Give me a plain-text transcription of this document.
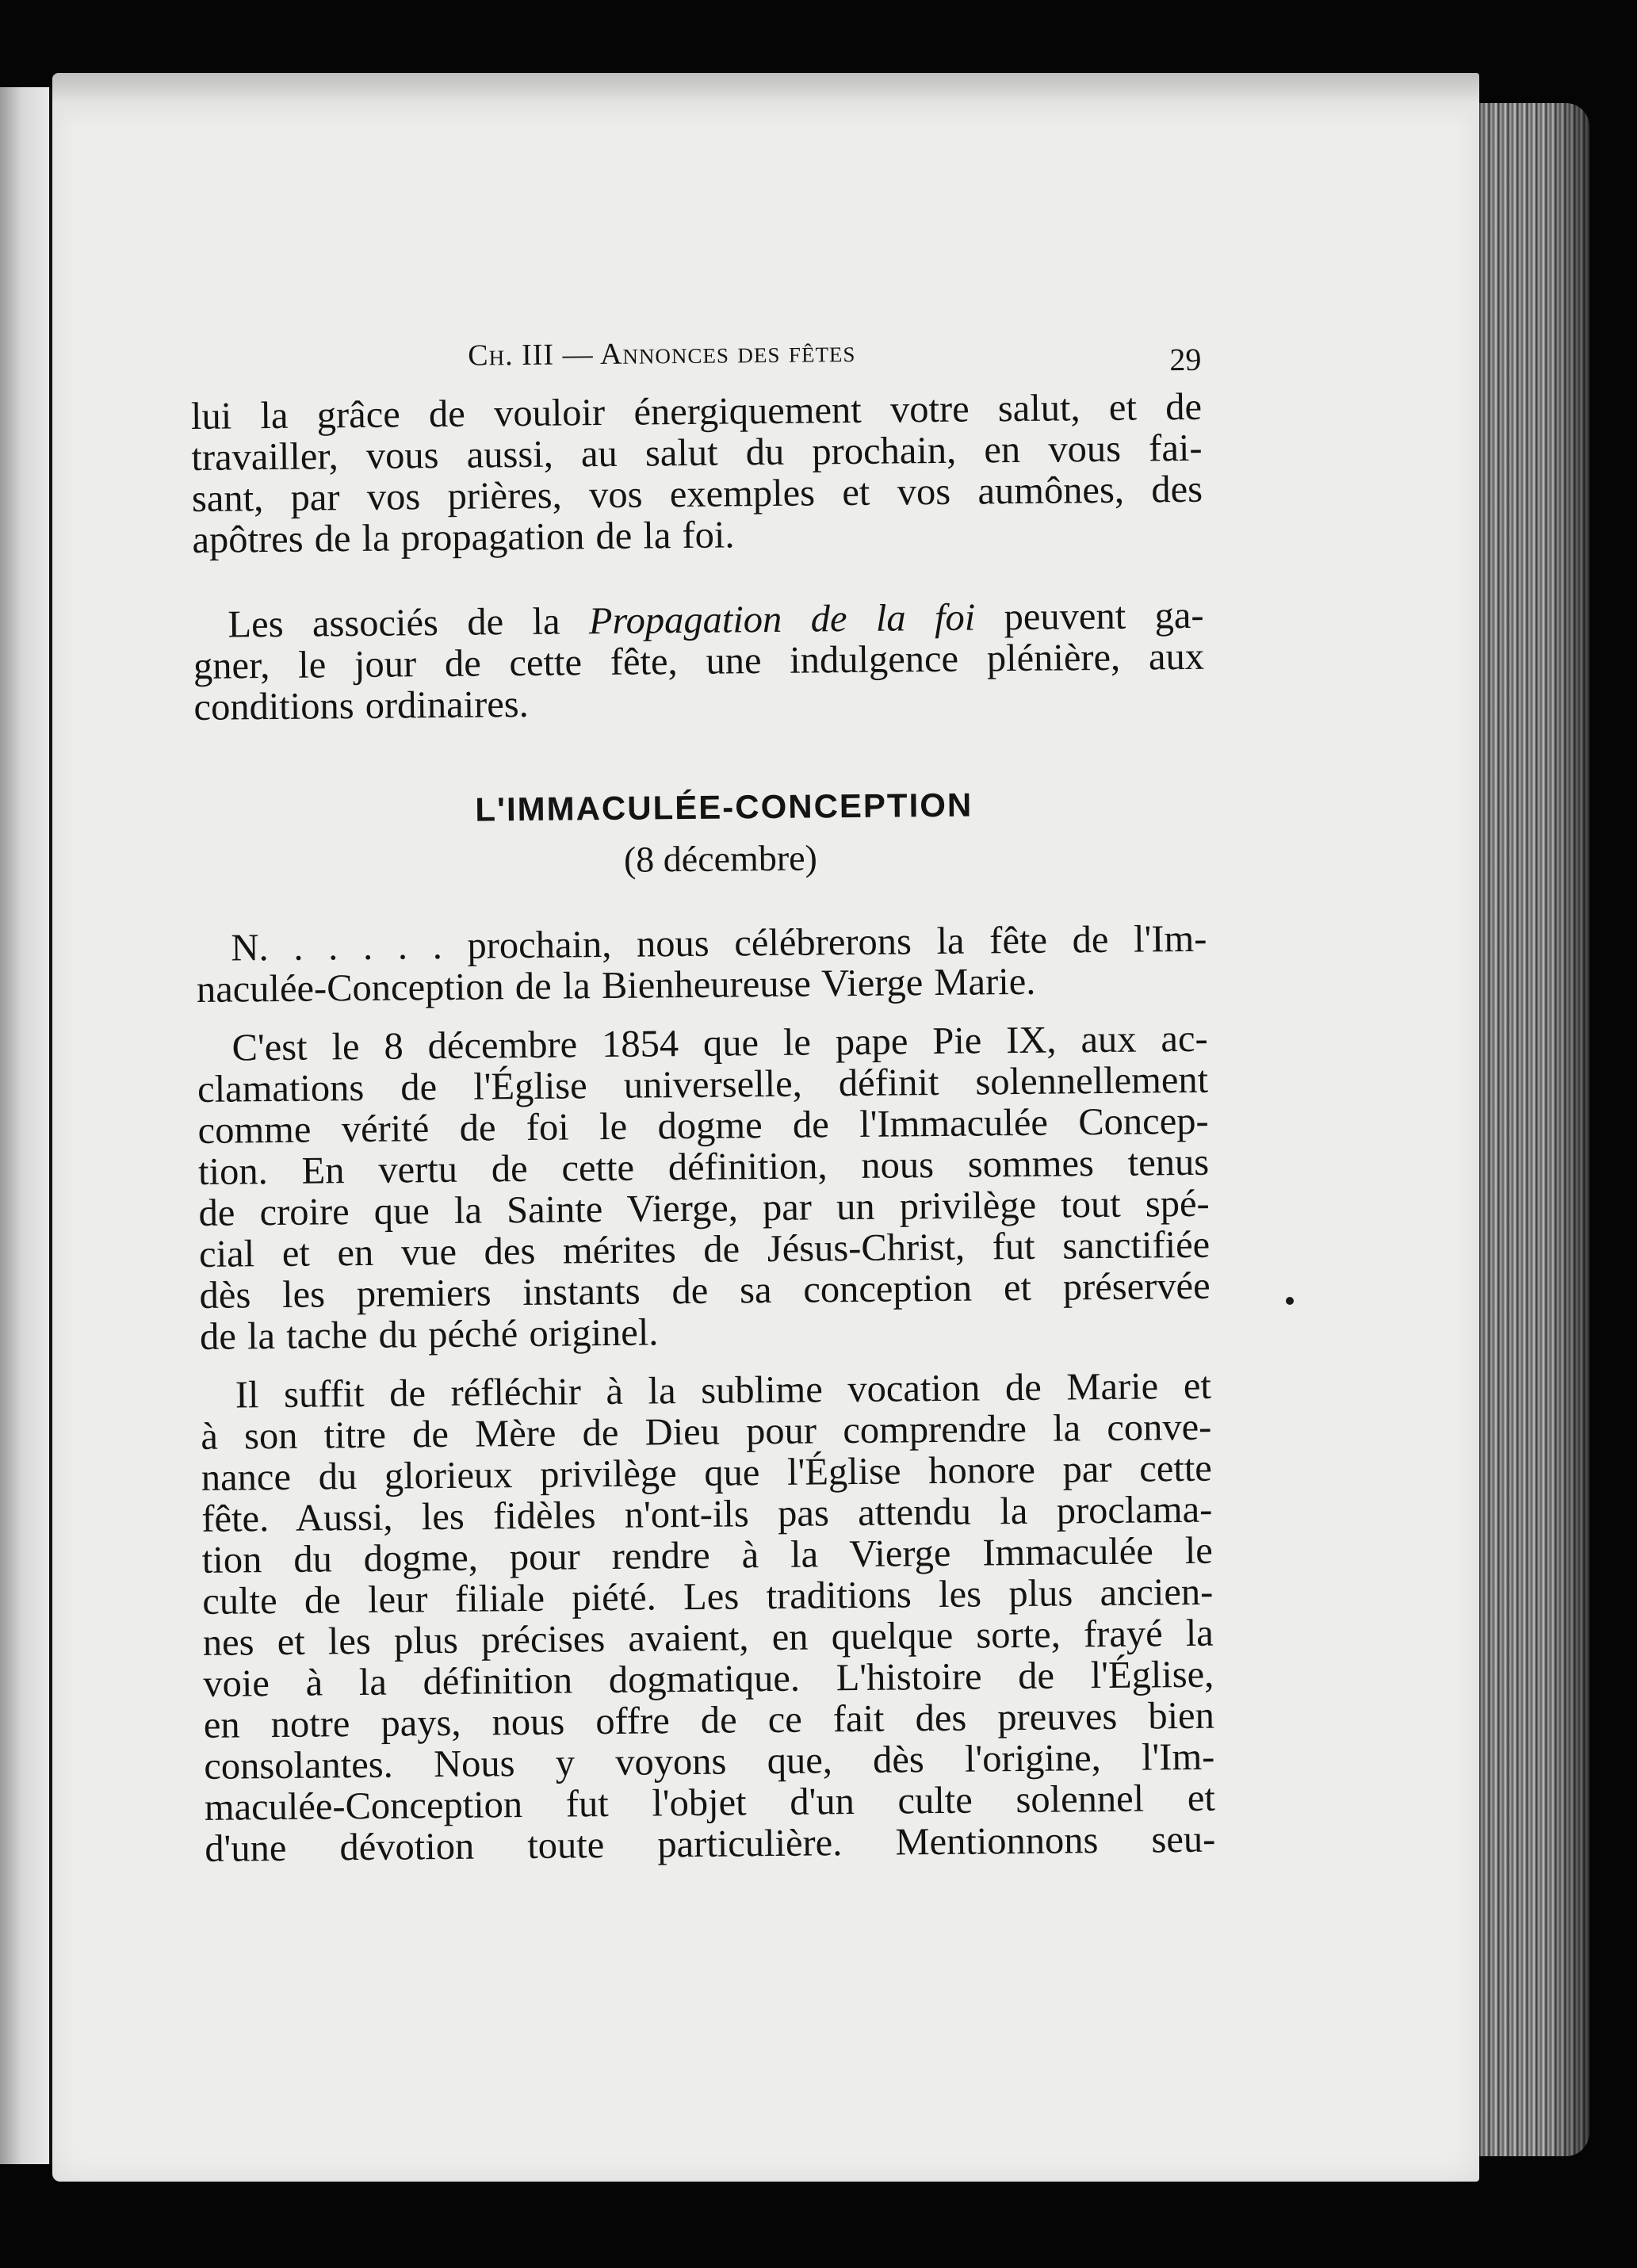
Ch. III — Annonces des fêtes	29

lui la grâce de vouloir énergiquement votre salut, et de
travailler, vous aussi, au salut du prochain, en vous fai-
sant, par vos prières, vos exemples et vos aumônes, des
apôtres de la propagation de la foi.

Les associés de la Propagation de la foi peuvent ga-
gner, le jour de cette fête, une indulgence plénière, aux
conditions ordinaires.

L'IMMACULÉE-CONCEPTION

(8 décembre)

N. . . . . . prochain, nous célébrerons la fête de l'Im-
naculée-Conception de la Bienheureuse Vierge Marie.

C'est le 8 décembre 1854 que le pape Pie IX, aux ac-
clamations de l'Église universelle, définit solennellement
comme vérité de foi le dogme de l'Immaculée Concep-
tion. En vertu de cette définition, nous sommes tenus
de croire que la Sainte Vierge, par un privilège tout spé-
cial et en vue des mérites de Jésus-Christ, fut sanctifiée
dès les premiers instants de sa conception et préservée
de la tache du péché originel.

Il suffit de réfléchir à la sublime vocation de Marie et
à son titre de Mère de Dieu pour comprendre la conve-
nance du glorieux privilège que l'Église honore par cette
fête. Aussi, les fidèles n'ont-ils pas attendu la proclama-
tion du dogme, pour rendre à la Vierge Immaculée le
culte de leur filiale piété. Les traditions les plus ancien-
nes et les plus précises avaient, en quelque sorte, frayé la
voie à la définition dogmatique. L'histoire de l'Église,
en notre pays, nous offre de ce fait des preuves bien
consolantes. Nous y voyons que, dès l'origine, l'Im-
maculée-Conception fut l'objet d'un culte solennel et
d'une dévotion toute particulière. Mentionnons seu-
